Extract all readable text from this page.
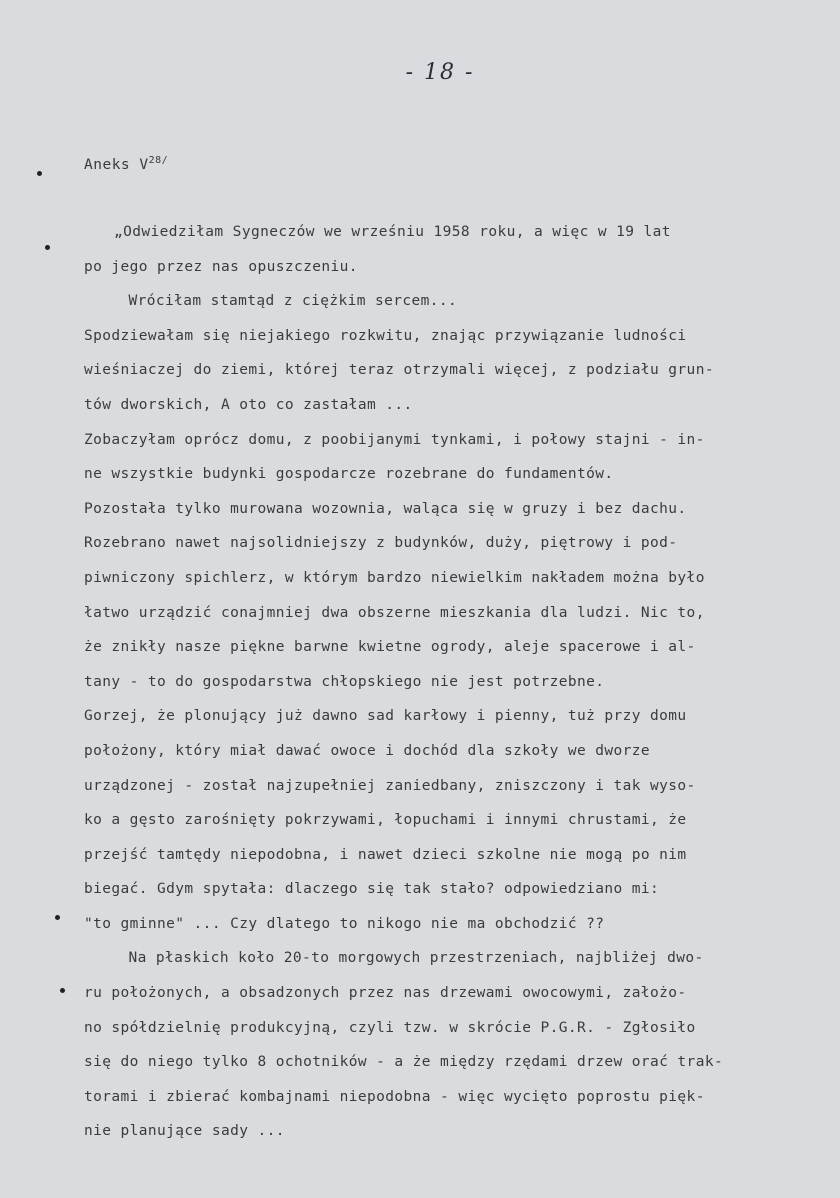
- 18 -
Aneks $V^{28/}$
„Odwiedziłam Sygneczów we wrześniu 1958 roku, a więc w 19 lat
po jego przez nas opuszczeniu.
Wróciłam stamtąd z ciężkim sercem...
Spodziewałam się niejakiego rozkwitu, znając przywiązanie ludności
wieśniaczej do ziemi, której teraz otrzymali więcej, z podziału grun-
tów dworskich, A oto co zastałam ...
Zobaczyłam oprócz domu, z poobijanymi tynkami, i połowy stajni - in-
ne wszystkie budynki gospodarcze rozebrane do fundamentów.
Pozostała tylko murowana wozownia, waląca się w gruzy i bez dachu.
Rozebrano nawet najsolidniejszy z budynków, duży, piętrowy i pod-
piwniczony spichlerz, w którym bardzo niewielkim nakładem można było
łatwo urządzić conajmniej dwa obszerne mieszkania dla ludzi. Nic to,
że znikły nasze piękne barwne kwietne ogrody, aleje spacerowe i al-
tany - to do gospodarstwa chłopskiego nie jest potrzebne.
Gorzej, że plonujący już dawno sad karłowy i pienny, tuż przy domu
położony, który miał dawać owoce i dochód dla szkoły we dworze
urządzonej - został najzupełniej zaniedbany, zniszczony i tak wyso-
ko a gęsto zarośnięty pokrzywami, łopuchami i innymi chrustami, że
przejść tamtędy niepodobna, i nawet dzieci szkolne nie mogą po nim
biegać. Gdym spytała: dlaczego się tak stało? odpowiedziano mi:
"to gminne" ... Czy dlatego to nikogo nie ma obchodzić ??
Na płaskich koło 20-to morgowych przestrzeniach, najbliżej dwo-
ru położonych, a obsadzonych przez nas drzewami owocowymi, założo-
no spółdzielnię produkcyjną, czyli tzw. w skrócie P.G.R. - Zgłosiło
się do niego tylko 8 ochotników - a że między rzędami drzew orać trak-
torami i zbierać kombajnami niepodobna - więc wycięto poprostu pięk-
nie planujące sady ...
